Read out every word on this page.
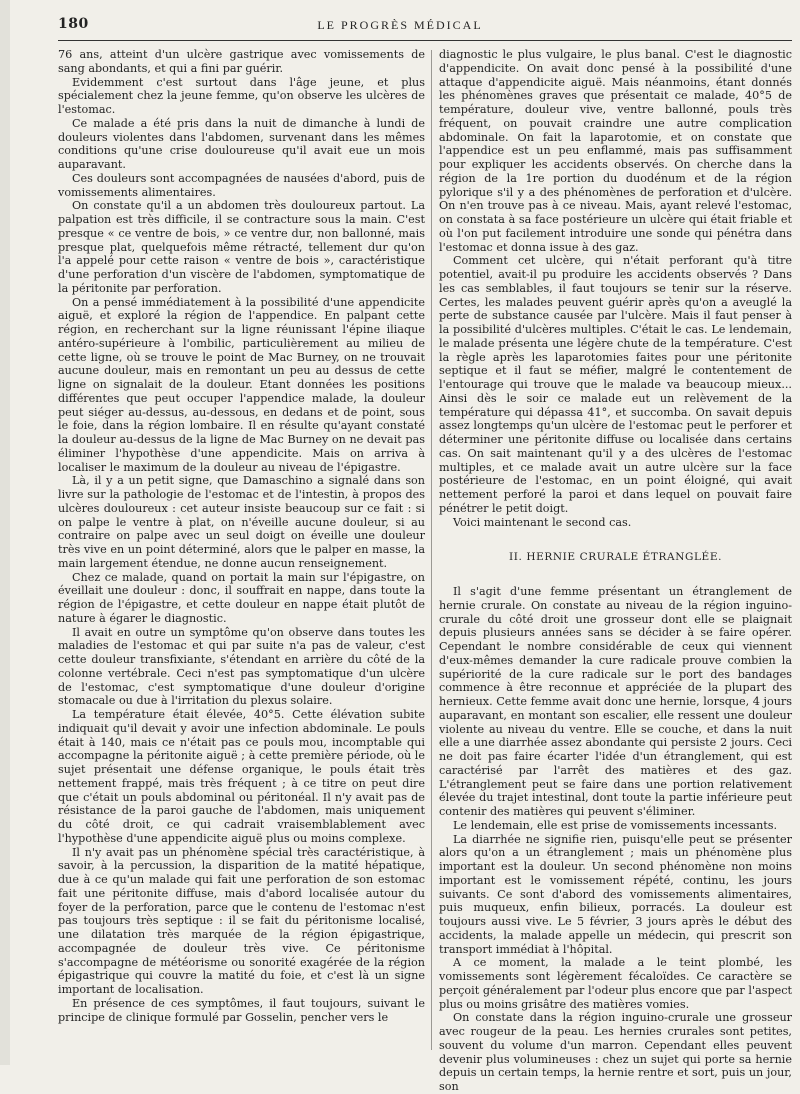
180	LE PROGRÈS MÉDICAL

76 ans, atteint d'un ulcère gastrique avec vomissements de sang abondants, et qui a fini par guérir.

Evidemment c'est surtout dans l'âge jeune, et plus spécialement chez la jeune femme, qu'on observe les ulcères de l'estomac.

Ce malade a été pris dans la nuit de dimanche à lundi de douleurs violentes dans l'abdomen, survenant dans les mêmes conditions qu'une crise douloureuse qu'il avait eue un mois auparavant.

Ces douleurs sont accompagnées de nausées d'abord, puis de vomissements alimentaires.

On constate qu'il a un abdomen très douloureux partout. La palpation est très difficile, il se contracture sous la main. C'est presque « ce ventre de bois, » ce ventre dur, non ballonné, mais presque plat, quelquefois même rétracté, tellement dur qu'on l'a appelé pour cette raison « ventre de bois », caractéristique d'une perforation d'un viscère de l'abdomen, symptomatique de la péritonite par perforation.

On a pensé immédiatement à la possibilité d'une appendicite aiguë, et exploré la région de l'appendice. En palpant cette région, en recherchant sur la ligne réunissant l'épine iliaque antéro-supérieure à l'ombilic, particulièrement au milieu de cette ligne, où se trouve le point de Mac Burney, on ne trouvait aucune douleur, mais en remontant un peu au dessus de cette ligne on signalait de la douleur. Etant données les positions différentes que peut occuper l'appendice malade, la douleur peut siéger au-dessus, au-dessous, en dedans et de point, sous le foie, dans la région lombaire. Il en résulte qu'ayant constaté la douleur au-dessus de la ligne de Mac Burney on ne devait pas éliminer l'hypothèse d'une appendicite. Mais on arriva à localiser le maximum de la douleur au niveau de l'épigastre.

Là, il y a un petit signe, que Damaschino a signalé dans son livre sur la pathologie de l'estomac et de l'intestin, à propos des ulcères douloureux : cet auteur insiste beaucoup sur ce fait : si on palpe le ventre à plat, on n'éveille aucune douleur, si au contraire on palpe avec un seul doigt on éveille une douleur très vive en un point déterminé, alors que le palper en masse, la main largement étendue, ne donne aucun renseignement.

Chez ce malade, quand on portait la main sur l'épigastre, on éveillait une douleur : donc, il souffrait en nappe, dans toute la région de l'épigastre, et cette douleur en nappe était plutôt de nature à égarer le diagnostic.

Il avait en outre un symptôme qu'on observe dans toutes les maladies de l'estomac et qui par suite n'a pas de valeur, c'est cette douleur transfixiante, s'étendant en arrière du côté de la colonne vertébrale. Ceci n'est pas symptomatique d'un ulcère de l'estomac, c'est symptomatique d'une douleur d'origine stomacale ou due à l'irritation du plexus solaire.

La température était élevée, 40°5. Cette élévation subite indiquait qu'il devait y avoir une infection abdominale. Le pouls était à 140, mais ce n'était pas ce pouls mou, incomptable qui accompagne la péritonite aiguë ; à cette première période, où le sujet présentait une défense organique, le pouls était très nettement frappé, mais très fréquent ; à ce titre on peut dire que c'était un pouls abdominal ou péritonéal. Il n'y avait pas de résistance de la paroi gauche de l'abdomen, mais uniquement du côté droit, ce qui cadrait vraisemblablement avec l'hypothèse d'une appendicite aiguë plus ou moins complexe.

Il n'y avait pas un phénomène spécial très caractéristique, à savoir, à la percussion, la disparition de la matité hépatique, due à ce qu'un malade qui fait une perforation de son estomac fait une péritonite diffuse, mais d'abord localisée autour du foyer de la perforation, parce que le contenu de l'estomac n'est pas toujours très septique : il se fait du péritonisme localisé, une dilatation très marquée de la région épigastrique, accompagnée de douleur très vive. Ce péritonisme s'accompagne de météorisme ou sonorité exagérée de la région épigastrique qui couvre la matité du foie, et c'est là un signe important de localisation.

En présence de ces symptômes, il faut toujours, suivant le principe de clinique formulé par Gosselin, pencher vers le

diagnostic le plus vulgaire, le plus banal. C'est le diagnostic d'appendicite. On avait donc pensé à la possibilité d'une attaque d'appendicite aiguë. Mais néanmoins, étant donnés les phénomènes graves que présentait ce malade, 40°5 de température, douleur vive, ventre ballonné, pouls très fréquent, on pouvait craindre une autre complication abdominale. On fait la laparotomie, et on constate que l'appendice est un peu enflammé, mais pas suffisamment pour expliquer les accidents observés. On cherche dans la région de la 1re portion du duodénum et de la région pylorique s'il y a des phénomènes de perforation et d'ulcère. On n'en trouve pas à ce niveau. Mais, ayant relevé l'estomac, on constata à sa face postérieure un ulcère qui était friable et où l'on put facilement introduire une sonde qui pénétra dans l'estomac et donna issue à des gaz.

Comment cet ulcère, qui n'était perforant qu'à titre potentiel, avait-il pu produire les accidents observés ? Dans les cas semblables, il faut toujours se tenir sur la réserve. Certes, les malades peuvent guérir après qu'on a aveuglé la perte de substance causée par l'ulcère. Mais il faut penser à la possibilité d'ulcères multiples. C'était le cas. Le lendemain, le malade présenta une légère chute de la température. C'est la règle après les laparotomies faites pour une péritonite septique et il faut se méfier, malgré le contentement de l'entourage qui trouve que le malade va beaucoup mieux... Ainsi dès le soir ce malade eut un relèvement de la température qui dépassa 41°, et succomba. On savait depuis assez longtemps qu'un ulcère de l'estomac peut le perforer et déterminer une péritonite diffuse ou localisée dans certains cas. On sait maintenant qu'il y a des ulcères de l'estomac multiples, et ce malade avait un autre ulcère sur la face postérieure de l'estomac, en un point éloigné, qui avait nettement perforé la paroi et dans lequel on pouvait faire pénétrer le petit doigt.

Voici maintenant le second cas.

II. HERNIE CRURALE ÉTRANGLÉE.

Il s'agit d'une femme présentant un étranglement de hernie crurale. On constate au niveau de la région inguino-crurale du côté droit une grosseur dont elle se plaignait depuis plusieurs années sans se décider à se faire opérer. Cependant le nombre considérable de ceux qui viennent d'eux-mêmes demander la cure radicale prouve combien la supériorité de la cure radicale sur le port des bandages commence à être reconnue et appréciée de la plupart des hernieux. Cette femme avait donc une hernie, lorsque, 4 jours auparavant, en montant son escalier, elle ressent une douleur violente au niveau du ventre. Elle se couche, et dans la nuit elle a une diarrhée assez abondante qui persiste 2 jours. Ceci ne doit pas faire écarter l'idée d'un étranglement, qui est caractérisé par l'arrêt des matières et des gaz. L'étranglement peut se faire dans une portion relativement élevée du trajet intestinal, dont toute la partie inférieure peut contenir des matières qui peuvent s'éliminer.

Le lendemain, elle est prise de vomissements incessants.

La diarrhée ne signifie rien, puisqu'elle peut se présenter alors qu'on a un étranglement ; mais un phénomène plus important est la douleur. Un second phénomène non moins important est le vomissement répété, continu, les jours suivants. Ce sont d'abord des vomissements alimentaires, puis muqueux, enfin bilieux, porracés. La douleur est toujours aussi vive. Le 5 février, 3 jours après le début des accidents, la malade appelle un médecin, qui prescrit son transport immédiat à l'hôpital.

A ce moment, la malade a le teint plombé, les vomissements sont légèrement fécaloïdes. Ce caractère se perçoit généralement par l'odeur plus encore que par l'aspect plus ou moins grisâtre des matières vomies.

On constate dans la région inguino-crurale une grosseur avec rougeur de la peau. Les hernies crurales sont petites, souvent du volume d'un marron. Cependant elles peuvent devenir plus volumineuses : chez un sujet qui porte sa hernie depuis un certain temps, la hernie rentre et sort, puis un jour, son
